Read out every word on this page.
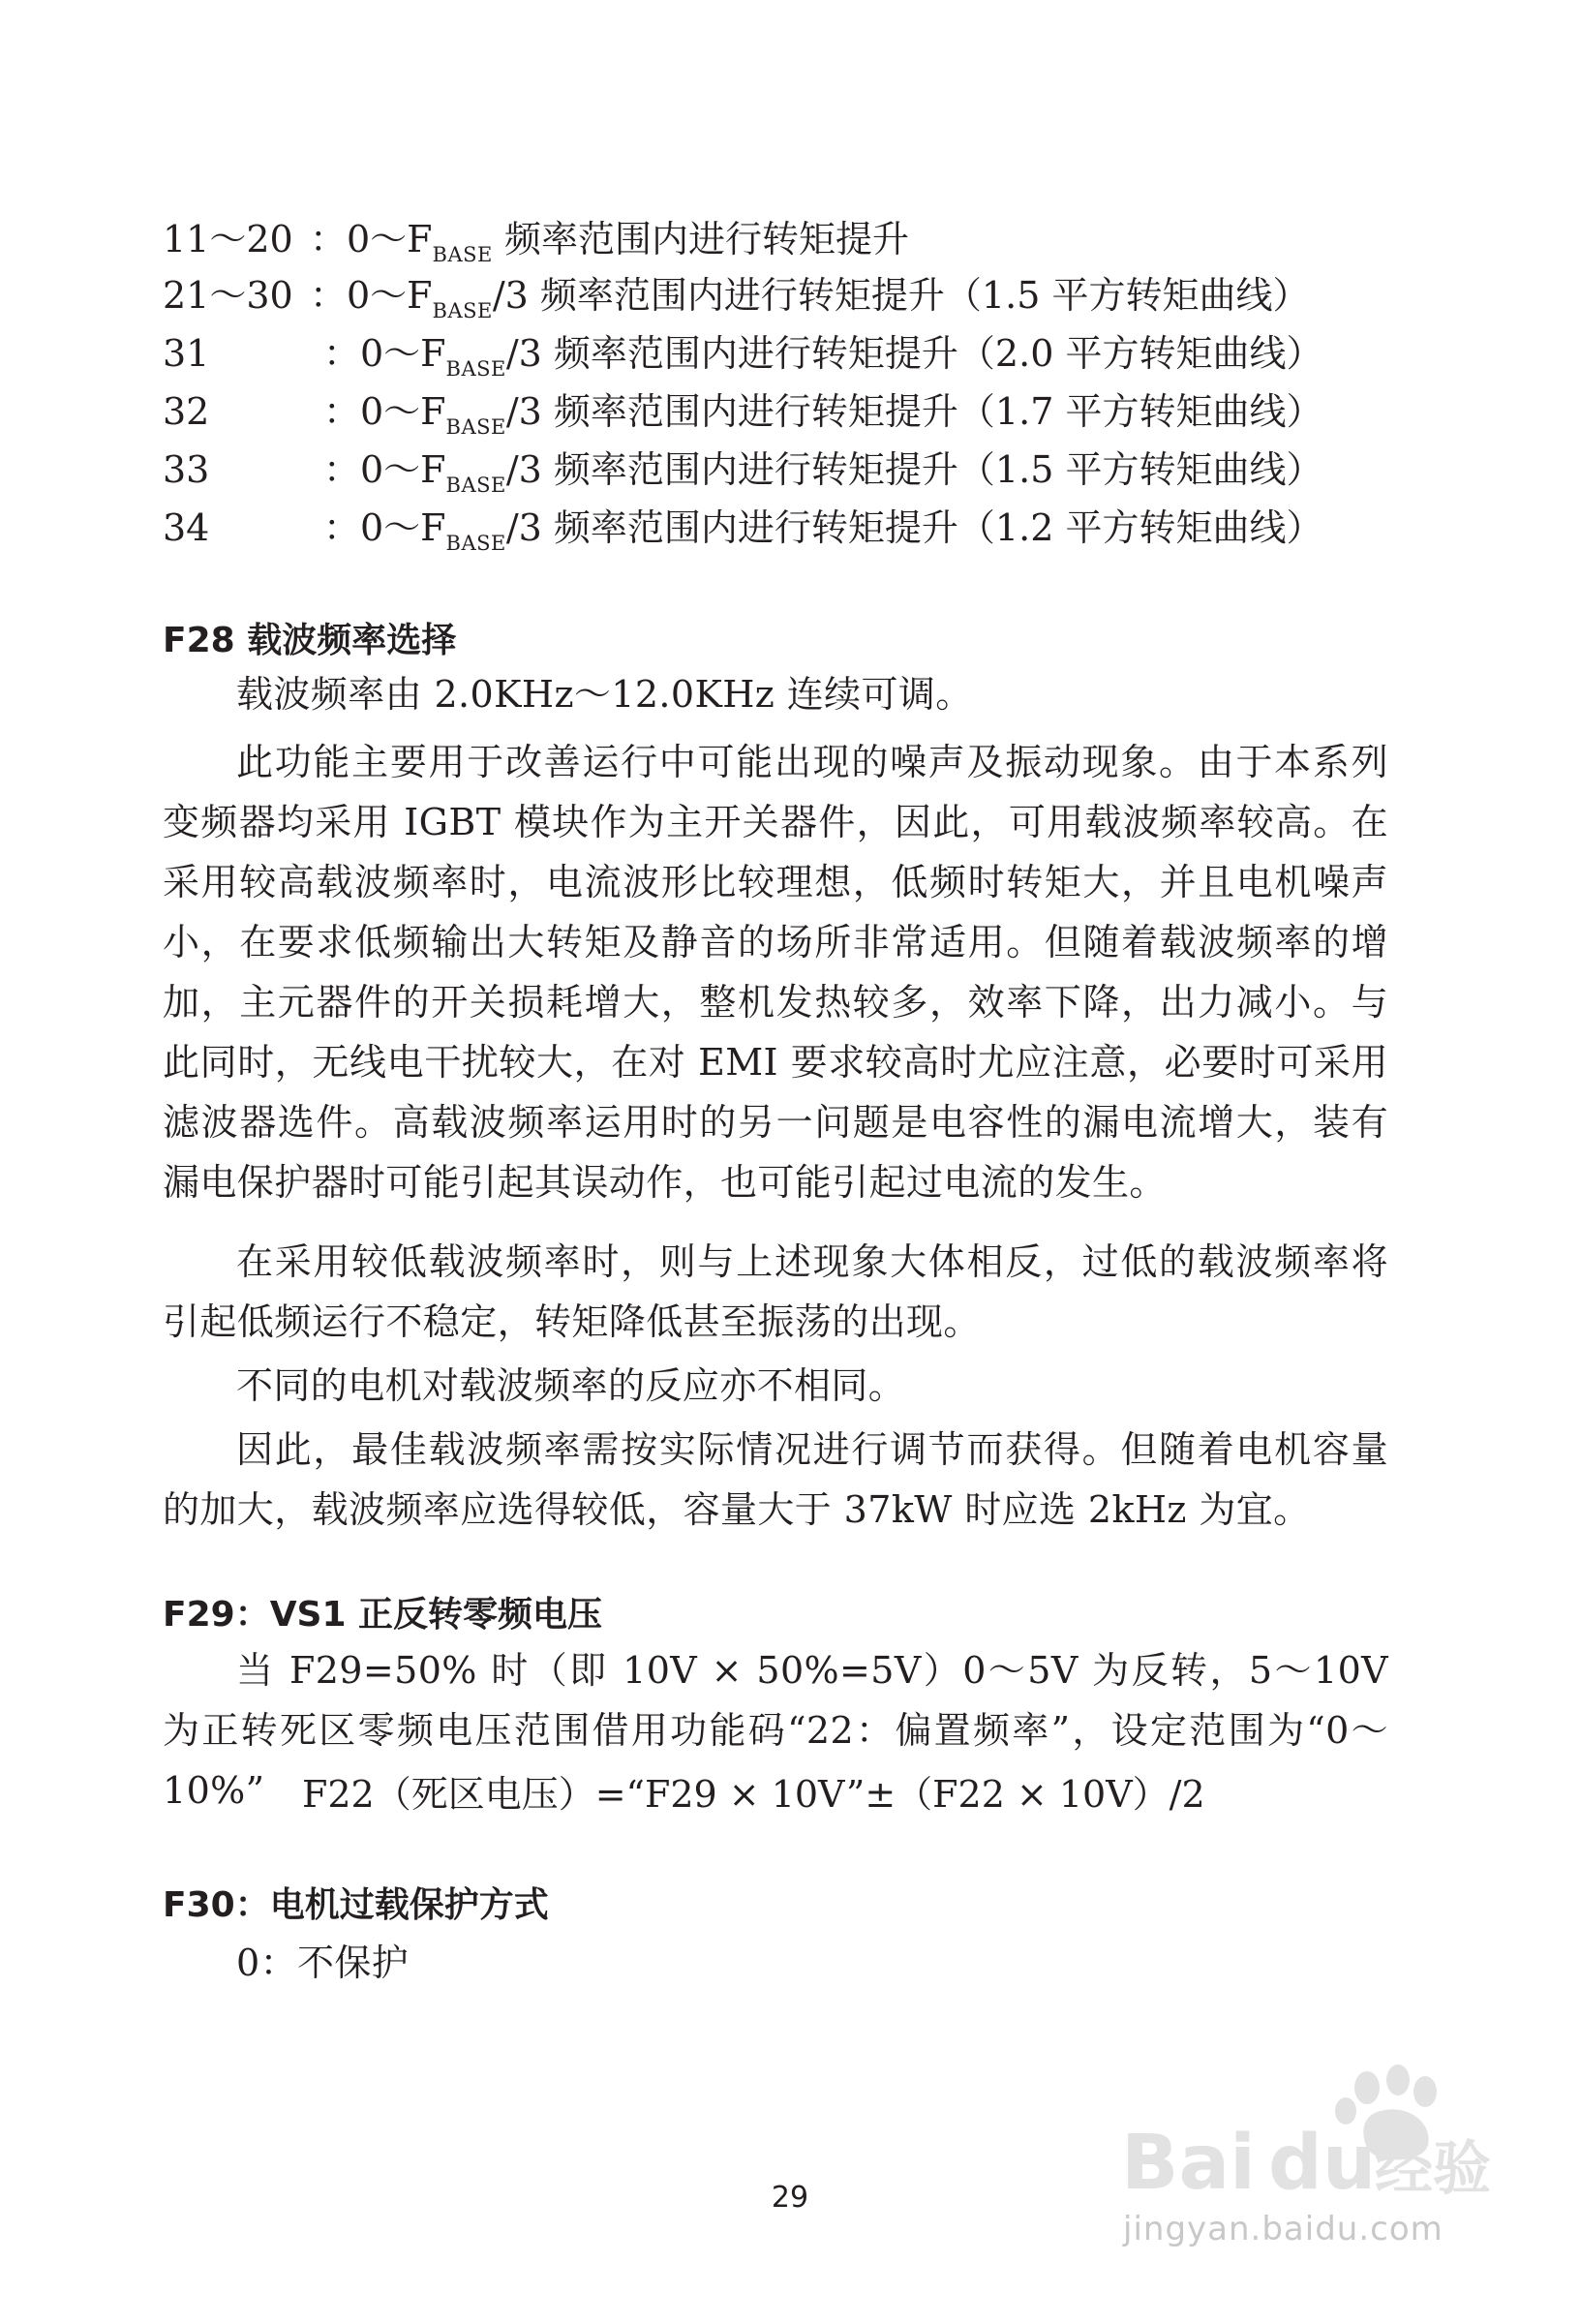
11～20 ：$0\sim F_{BASE}$ 频率范围内进行转矩提升
21～30 ：$0\sim F_{BASE}/3$ 频率范围内进行转矩提升（1.5 平方转矩曲线）
31	：$0\sim F_{BASE}/3$ 频率范围内进行转矩提升（2.0 平方转矩曲线）
32	：$0\sim F_{BASE}/3$ 频率范围内进行转矩提升（1.7 平方转矩曲线）
33	：$0\sim F_{BASE}/3$ 频率范围内进行转矩提升（1.5 平方转矩曲线）
34	：$0\sim F_{BASE}/3$ 频率范围内进行转矩提升（1.2 平方转矩曲线）
F28 载波频率选择
载波频率由 2.0KHz～12.0KHz 连续可调。
此功能主要用于改善运行中可能出现的噪声及振动现象。由于本系列变频器均采用 IGBT 模块作为主开关器件，因此，可用载波频率较高。在采用较高载波频率时，电流波形比较理想，低频时转矩大，并且电机噪声小，在要求低频输出大转矩及静音的场所非常适用。但随着载波频率的增加，主元器件的开关损耗增大，整机发热较多，效率下降，出力减小。与此同时，无线电干扰较大，在对 EMI 要求较高时尤应注意，必要时可采用滤波器选件。高载波频率运用时的另一问题是电容性的漏电流增大，装有漏电保护器时可能引起其误动作，也可能引起过电流的发生。
在采用较低载波频率时，则与上述现象大体相反，过低的载波频率将引起低频运行不稳定，转矩降低甚至振荡的出现。
不同的电机对载波频率的反应亦不相同。
因此，最佳载波频率需按实际情况进行调节而获得。但随着电机容量的加大，载波频率应选得较低，容量大于 37kW 时应选 2kHz 为宜。
F29：VS1 正反转零频电压
当 F29=50% 时（即 10V × 50%=5V）0～5V 为反转，5～10V 为正转死区零频电压范围借用功能码“22：偏置频率”，设定范围为“0～10%”	F22（死区电压）=“F29 × 10V”±（F22 × 10V）/2
F30：电机过载保护方式
0：不保护
29	Bai du
经验
jingyan.baidu.com
